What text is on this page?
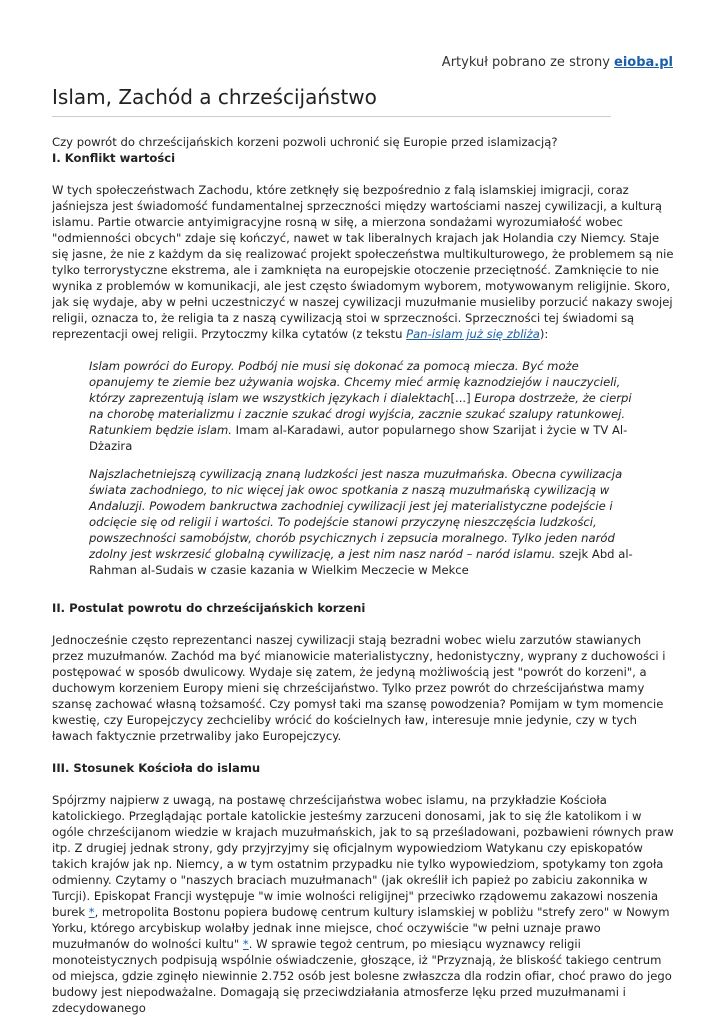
Artykuł pobrano ze strony eioba.pl
Islam, Zachód a chrześcijaństwo

Czy powrót do chrześcijańskich korzeni pozwoli uchronić się Europie przed islamizacją?

I. Konflikt wartości

W tych społeczeństwach Zachodu, które zetknęły się bezpośrednio z falą islamskiej imigracji, coraz jaśniejsza jest świadomość fundamentalnej sprzeczności między wartościami naszej cywilizacji, a kulturą islamu. Partie otwarcie antyimigracyjne rosną w siłę, a mierzona sondażami wyrozumiałość wobec "odmienności obcych" zdaje się kończyć, nawet w tak liberalnych krajach jak Holandia czy Niemcy. Staje się jasne, że nie z każdym da się realizować projekt społeczeństwa multikulturowego, że problemem są nie tylko terrorystyczne ekstrema, ale i zamknięta na europejskie otoczenie przeciętność. Zamknięcie to nie wynika z problemów w komunikacji, ale jest często świadomym wyborem, motywowanym religijnie. Skoro, jak się wydaje, aby w pełni uczestniczyć w naszej cywilizacji muzułmanie musieliby porzucić nakazy swojej religii, oznacza to, że religia ta z naszą cywilizacją stoi w sprzeczności. Sprzeczności tej świadomi są reprezentacji owej religii. Przytoczmy kilka cytatów (z tekstu Pan-islam już się zbliża):

Islam powróci do Europy. Podbój nie musi się dokonać za pomocą miecza. Być może opanujemy te ziemie bez używania wojska. Chcemy mieć armię kaznodziejów i nauczycieli, którzy zaprezentują islam we wszystkich językach i dialektach[...] Europa dostrzeże, że cierpi na chorobę materializmu i zacznie szukać drogi wyjścia, zacznie szukać szalupy ratunkowej. Ratunkiem będzie islam. Imam al-Karadawi, autor popularnego show Szarijat i życie w TV Al-Dżazira

Najszlachetniejszą cywilizacją znaną ludzkości jest nasza muzułmańska. Obecna cywilizacja świata zachodniego, to nic więcej jak owoc spotkania z naszą muzułmańską cywilizacją w Andaluzji. Powodem bankructwa zachodniej cywilizacji jest jej materialistyczne podejście i odcięcie się od religii i wartości. To podejście stanowi przyczynę nieszczęścia ludzkości, powszechności samobójstw, chorób psychicznych i zepsucia moralnego. Tylko jeden naród zdolny jest wskrzesić globalną cywilizację, a jest nim nasz naród – naród islamu. szejk Abd al-Rahman al-Sudais w czasie kazania w Wielkim Meczecie w Mekce

II. Postulat powrotu do chrześcijańskich korzeni

Jednocześnie często reprezentanci naszej cywilizacji stają bezradni wobec wielu zarzutów stawianych przez muzułmanów. Zachód ma być mianowicie materialistyczny, hedonistyczny, wyprany z duchowości i postępować w sposób dwulicowy. Wydaje się zatem, że jedyną możliwością jest "powrót do korzeni", a duchowym korzeniem Europy mieni się chrześcijaństwo. Tylko przez powrót do chrześcijaństwa mamy szansę zachować własną tożsamość. Czy pomysł taki ma szansę powodzenia? Pomijam w tym momencie kwestię, czy Europejczycy zechcieliby wrócić do kościelnych ław, interesuje mnie jedynie, czy w tych ławach faktycznie przetrwaliby jako Europejczycy.

III. Stosunek Kościoła do islamu

Spójrzmy najpierw z uwagą, na postawę chrześcijaństwa wobec islamu, na przykładzie Kościoła katolickiego. Przeglądając portale katolickie jesteśmy zarzuceni donosami, jak to się źle katolikom i w ogóle chrześcijanom wiedzie w krajach muzułmańskich, jak to są prześladowani, pozbawieni równych praw itp. Z drugiej jednak strony, gdy przyjrzyjmy się oficjalnym wypowiedziom Watykanu czy episkopatów takich krajów jak np. Niemcy, a w tym ostatnim przypadku nie tylko wypowiedziom, spotykamy ton zgoła odmienny. Czytamy o "naszych braciach muzułmanach" (jak określił ich papież po zabiciu zakonnika w Turcji). Episkopat Francji występuje "w imie wolności religijnej" przeciwko rządowemu zakazowi noszenia burek *, metropolita Bostonu popiera budowę centrum kultury islamskiej w pobliżu "strefy zero" w Nowym Yorku, którego arcybiskup wolałby jednak inne miejsce, choć oczywiście "w pełni uznaje prawo muzułmanów do wolności kultu" *. W sprawie tegoż centrum, po miesiącu wyznawcy religii monoteistycznych podpisują wspólnie oświadczenie, głoszące, iż "Przyznają, że bliskość takiego centrum od miejsca, gdzie zginęło niewinnie 2.752 osób jest bolesne zwłaszcza dla rodzin ofiar, choć prawo do jego budowy jest niepodważalne. Domagają się przeciwdziałania atmosferze lęku przed muzułmanami i zdecydowanego
